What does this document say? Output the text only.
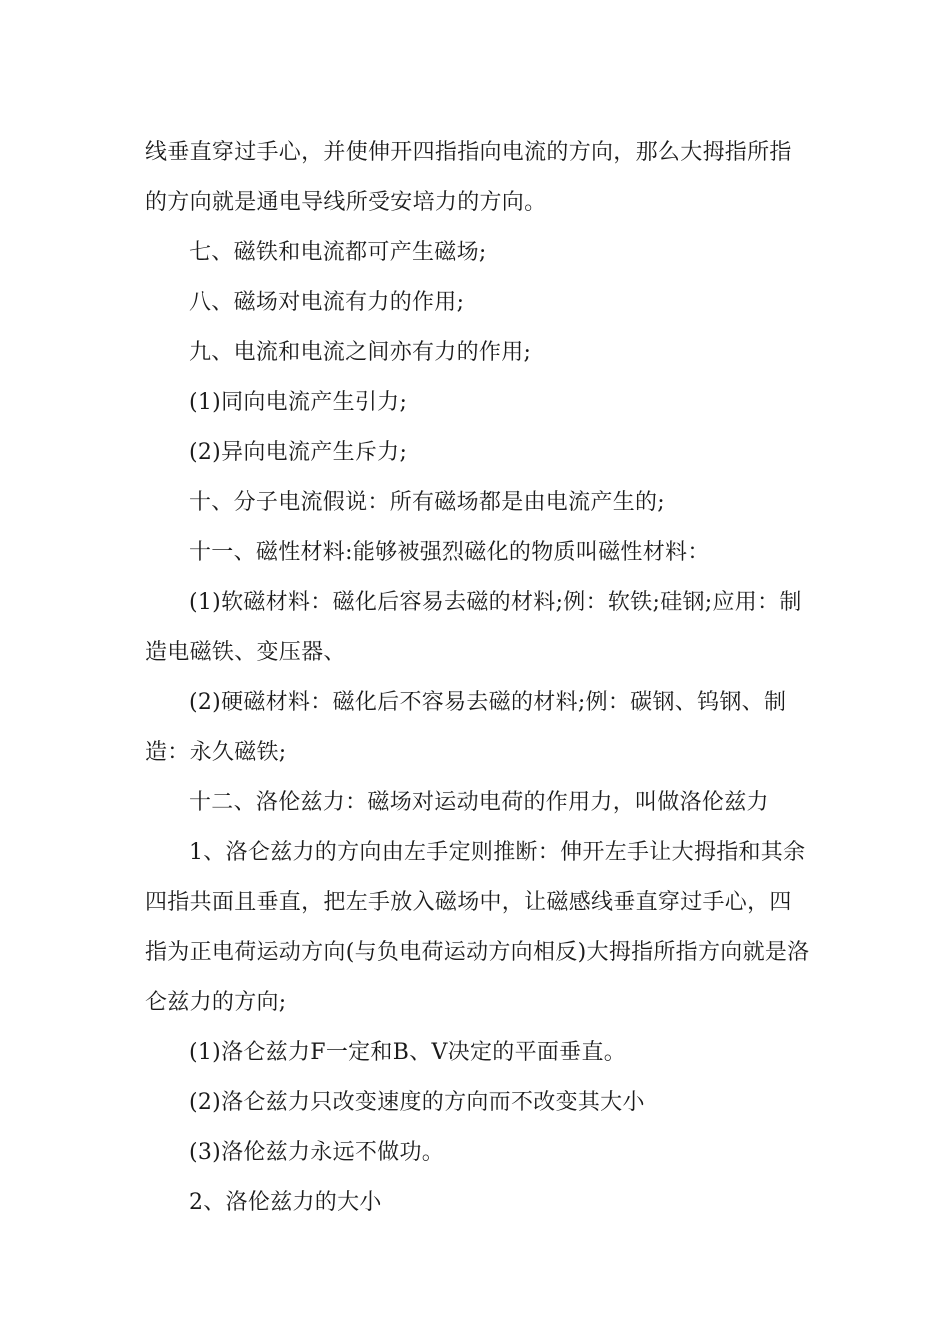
线垂直穿过手心，并使伸开四指指向电流的方向，那么大拇指所指的方向就是通电导线所受安培力的方向。

七、磁铁和电流都可产生磁场;

八、磁场对电流有力的作用;

九、电流和电流之间亦有力的作用;

(1)同向电流产生引力;

(2)异向电流产生斥力;

十、分子电流假说：所有磁场都是由电流产生的;

十一、磁性材料:能够被强烈磁化的物质叫磁性材料：

(1)软磁材料：磁化后容易去磁的材料;例：软铁;硅钢;应用：制造电磁铁、变压器、

(2)硬磁材料：磁化后不容易去磁的材料;例：碳钢、钨钢、制造：永久磁铁;

十二、洛伦兹力：磁场对运动电荷的作用力，叫做洛伦兹力

1、洛仑兹力的方向由左手定则推断：伸开左手让大拇指和其余四指共面且垂直，把左手放入磁场中，让磁感线垂直穿过手心，四指为正电荷运动方向(与负电荷运动方向相反)大拇指所指方向就是洛仑兹力的方向;

(1)洛仑兹力F一定和B、V决定的平面垂直。

(2)洛仑兹力只改变速度的方向而不改变其大小

(3)洛伦兹力永远不做功。

2、洛伦兹力的大小
